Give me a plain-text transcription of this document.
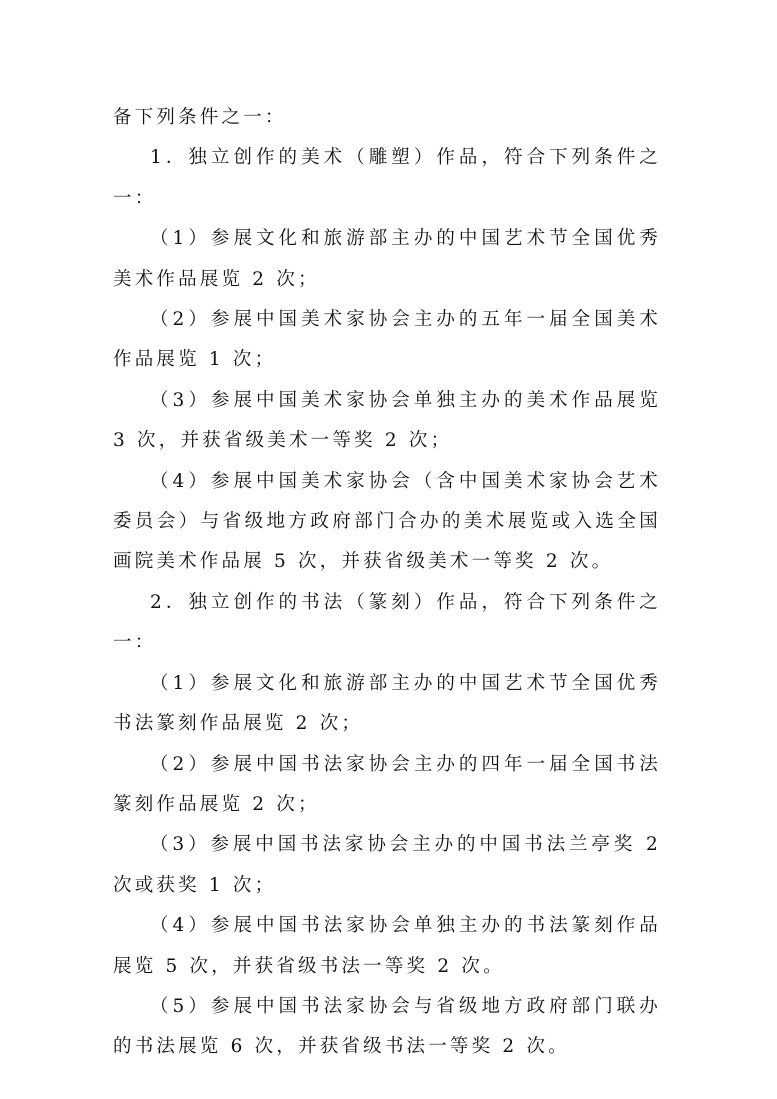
备下列条件之一：

1．独立创作的美术（雕塑）作品，符合下列条件之一：

（1）参展文化和旅游部主办的中国艺术节全国优秀美术作品展览 2 次；

（2）参展中国美术家协会主办的五年一届全国美术作品展览 1 次；

（3）参展中国美术家协会单独主办的美术作品展览 3 次，并获省级美术一等奖 2 次；

（4）参展中国美术家协会（含中国美术家协会艺术委员会）与省级地方政府部门合办的美术展览或入选全国画院美术作品展 5 次，并获省级美术一等奖 2 次。

2．独立创作的书法（篆刻）作品，符合下列条件之一：

（1）参展文化和旅游部主办的中国艺术节全国优秀书法篆刻作品展览 2 次；

（2）参展中国书法家协会主办的四年一届全国书法篆刻作品展览 2 次；

（3）参展中国书法家协会主办的中国书法兰亭奖 2 次或获奖 1 次；

（4）参展中国书法家协会单独主办的书法篆刻作品展览 5 次，并获省级书法一等奖 2 次。

（5）参展中国书法家协会与省级地方政府部门联办的书法展览 6 次，并获省级书法一等奖 2 次。
